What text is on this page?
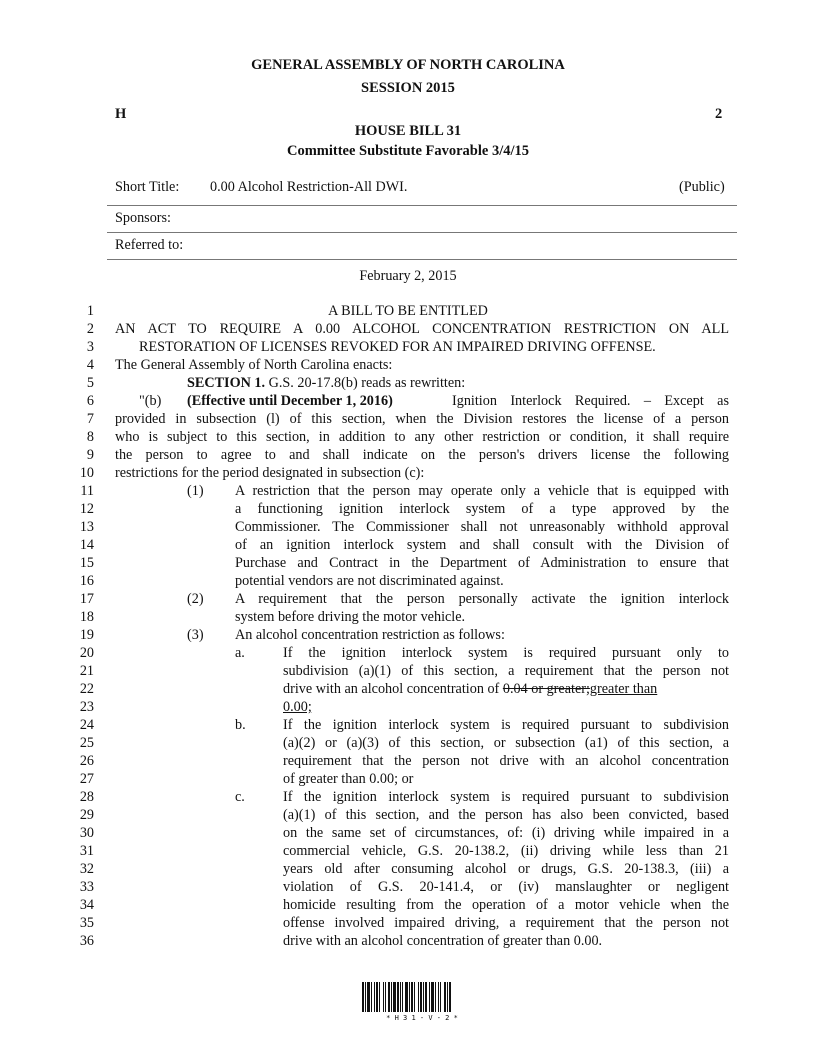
GENERAL ASSEMBLY OF NORTH CAROLINA
SESSION 2015
H	2
HOUSE BILL 31
Committee Substitute Favorable 3/4/15
Short Title: 0.00 Alcohol Restriction-All DWI.	(Public)
Sponsors:
Referred to:
February 2, 2015
1
2
3
4
5
6
7
8
9
10
11
12
13
14
15
16
17
18
19
20
21
22
23
24
25
26
27
28
29
30
31
32
33
34
35
36
A BILL TO BE ENTITLED
AN ACT TO REQUIRE A 0.00 ALCOHOL CONCENTRATION RESTRICTION ON ALL
RESTORATION OF LICENSES REVOKED FOR AN IMPAIRED DRIVING OFFENSE.
The General Assembly of North Carolina enacts:
SECTION 1. G.S. 20-17.8(b) reads as rewritten:
"(b) (Effective until December 1, 2016)	Ignition Interlock Required. – Except as
provided in subsection (l) of this section, when the Division restores the license of a person
who is subject to this section, in addition to any other restriction or condition, it shall require
the person to agree to and shall indicate on the person's drivers license the following
restrictions for the period designated in subsection (c):
(1) A restriction that the person may operate only a vehicle that is equipped with
a functioning ignition interlock system of a type approved by the
Commissioner. The Commissioner shall not unreasonably withhold approval
of an ignition interlock system and shall consult with the Division of
Purchase and Contract in the Department of Administration to ensure that
potential vendors are not discriminated against.
(2) A requirement that the person personally activate the ignition interlock
system before driving the motor vehicle.
(3) An alcohol concentration restriction as follows:
a.	If the ignition interlock system is required pursuant only to
subdivision (a)(1) of this section, a requirement that the person not
drive with an alcohol concentration of 0.04 or greater;greater than
0.00;
b.	If the ignition interlock system is required pursuant to subdivision
(a)(2) or (a)(3) of this section, or subsection (a1) of this section, a
requirement that the person not drive with an alcohol concentration
of greater than 0.00; or
c.	If the ignition interlock system is required pursuant to subdivision
(a)(1) of this section, and the person has also been convicted, based
on the same set of circumstances, of: (i) driving while impaired in a
commercial vehicle, G.S. 20-138.2, (ii) driving while less than 21
years old after consuming alcohol or drugs, G.S. 20-138.3, (iii) a
violation of G.S. 20-141.4, or (iv) manslaughter or negligent
homicide resulting from the operation of a motor vehicle when the
offense involved impaired driving, a requirement that the person not
drive with an alcohol concentration of greater than 0.00.
* H 3 1 - V - 2 *
